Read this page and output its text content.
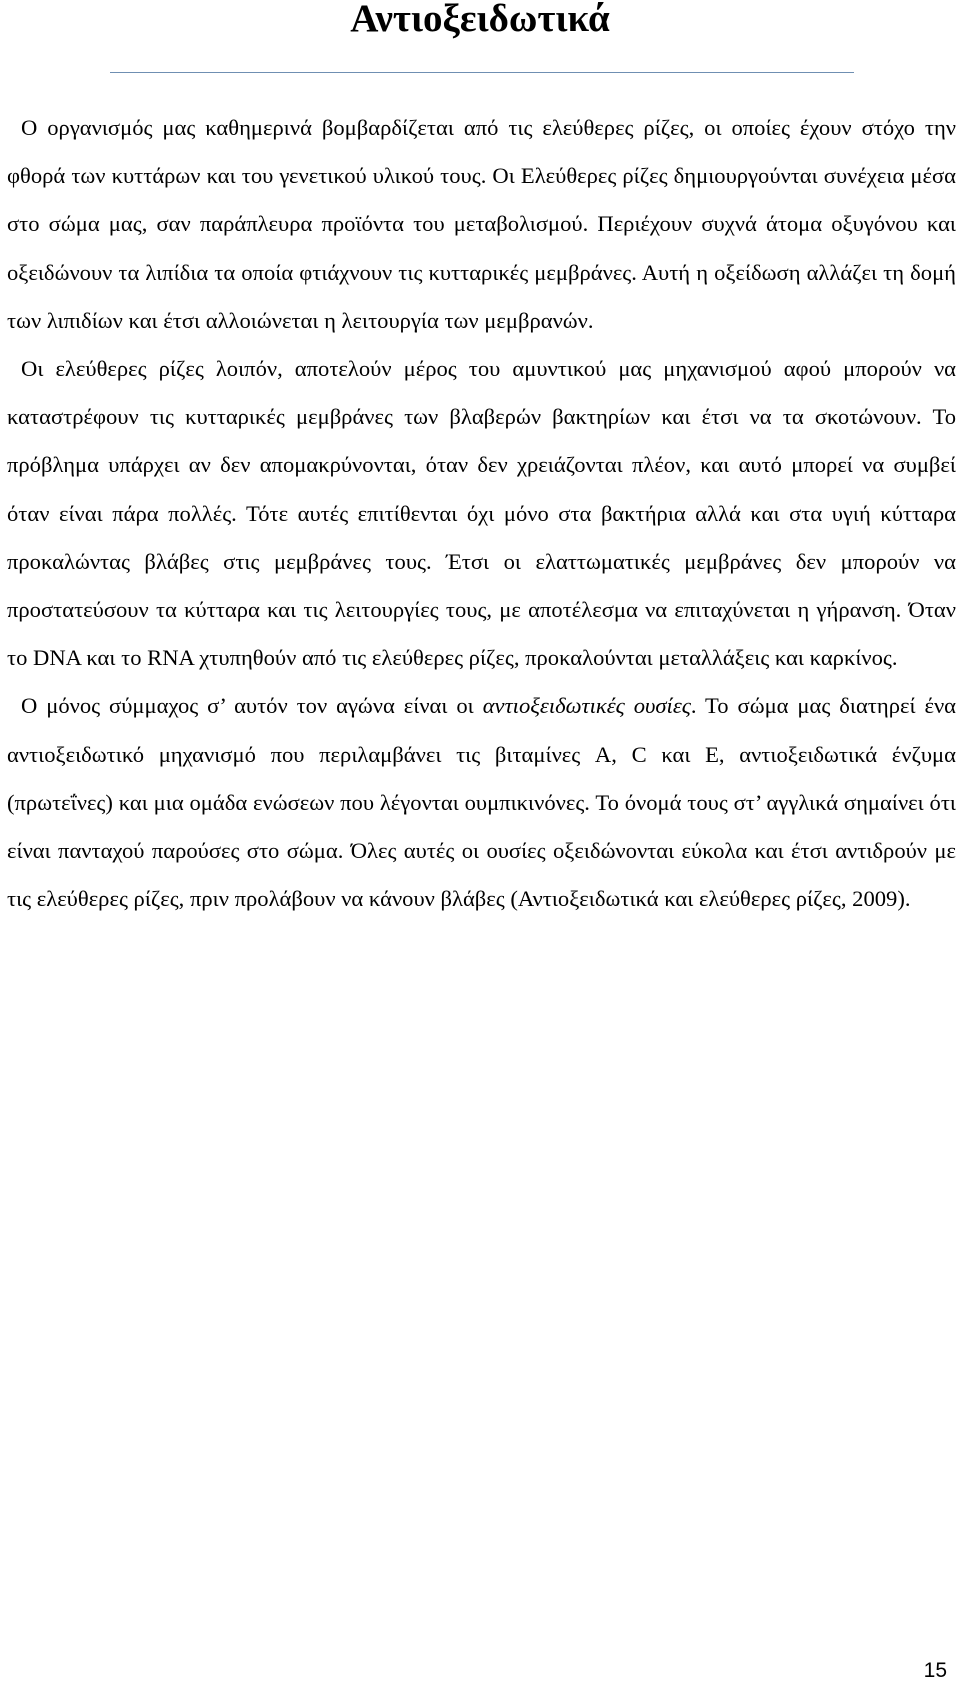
Αντιοξειδωτικά

Ο οργανισμός μας καθημερινά βομβαρδίζεται από τις ελεύθερες ρίζες, οι οποίες έχουν στόχο την φθορά των κυττάρων και του γενετικού υλικού τους. Οι Ελεύθερες ρίζες δημιουργούνται συνέχεια μέσα στο σώμα μας, σαν παράπλευρα προϊόντα του μεταβολισμού. Περιέχουν συχνά άτομα οξυγόνου και οξειδώνουν τα λιπίδια τα οποία φτιάχνουν τις κυτταρικές μεμβράνες. Αυτή η οξείδωση αλλάζει τη δομή των λιπιδίων και έτσι αλλοιώνεται η λειτουργία των μεμβρανών.

Οι ελεύθερες ρίζες λοιπόν, αποτελούν μέρος του αμυντικού μας μηχανισμού αφού μπορούν να καταστρέφουν τις κυτταρικές μεμβράνες των βλαβερών βακτηρίων και έτσι να τα σκοτώνουν. Το πρόβλημα υπάρχει αν δεν απομακρύνονται, όταν δεν χρειάζονται πλέον, και αυτό μπορεί να συμβεί όταν είναι πάρα πολλές. Τότε αυτές επιτίθενται όχι μόνο στα βακτήρια αλλά και στα υγιή κύτταρα προκαλώντας βλάβες στις μεμβράνες τους. Έτσι οι ελαττωματικές μεμβράνες δεν μπορούν να προστατεύσουν τα κύτταρα και τις λειτουργίες τους, με αποτέλεσμα να επιταχύνεται η γήρανση. Όταν το DNA και το RNA χτυπηθούν από τις ελεύθερες ρίζες, προκαλούνται μεταλλάξεις και καρκίνος.

Ο μόνος σύμμαχος σ’ αυτόν τον αγώνα είναι οι αντιοξειδωτικές ουσίες. Το σώμα μας διατηρεί ένα αντιοξειδωτικό μηχανισμό που περιλαμβάνει τις βιταμίνες A, C και E, αντιοξειδωτικά ένζυμα (πρωτεΐνες) και μια ομάδα ενώσεων που λέγονται ουμπικινόνες. Το όνομά τους στ’ αγγλικά σημαίνει ότι είναι πανταχού παρούσες στο σώμα. Όλες αυτές οι ουσίες οξειδώνονται εύκολα και έτσι αντιδρούν με τις ελεύθερες ρίζες, πριν προλάβουν να κάνουν βλάβες (Αντιοξειδωτικά και ελεύθερες ρίζες, 2009).

15
